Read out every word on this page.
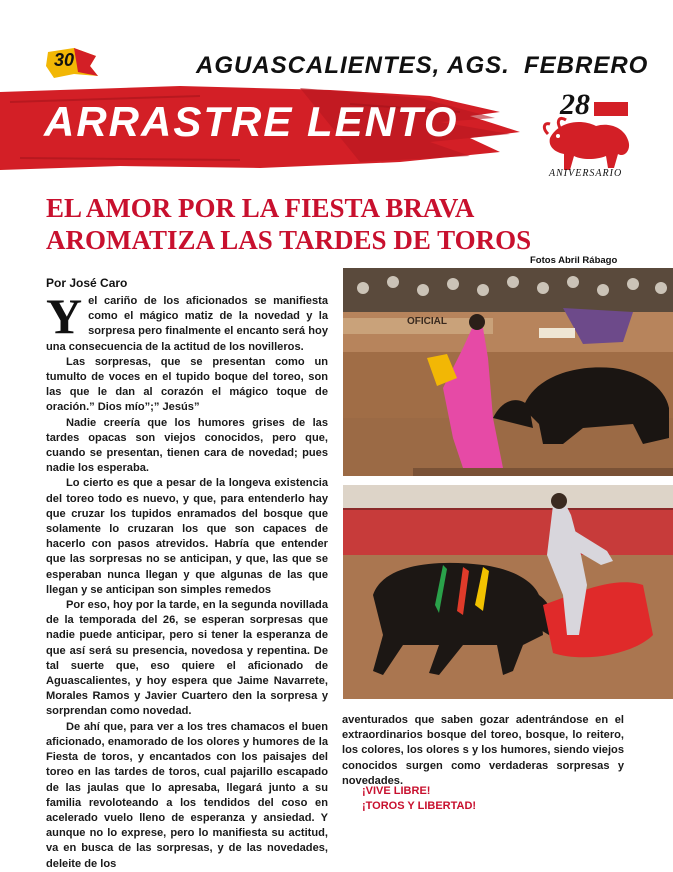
30	AGUASCALIENTES, AGS. FEBRERO
ARRASTRE LENTO	28
ANIVERSARIO
EL AMOR POR LA FIESTA BRAVA
AROMATIZA LAS TARDES DE TOROS
Fotos Abril Rábago
Por José Caro

Yel cariño de los aficionados se manifiesta como el mágico matiz de la novedad y la sorpresa pero finalmente el encanto será hoy una consecuencia de la actitud de los novilleros.

Las sorpresas, que se presentan como un tumulto de voces en el tupido boque del toreo, son las que le dan al corazón el mágico toque de oración.” Dios mío”;” Jesús”

Nadie creería que los humores grises de las tardes opacas son viejos conocidos, pero que, cuando se presentan, tienen cara de novedad; pues nadie los esperaba.

Lo cierto es que a pesar de la longeva existencia del toreo todo es nuevo, y que, para entenderlo hay que cruzar los tupidos enramados del bosque que solamente lo cruzaran los que son capaces de hacerlo con pasos atrevidos. Habría que entender que las sorpresas no se anticipan, y que, las que se esperaban nunca llegan y que algunas de las que llegan y se anticipan son simples remedos

Por eso, hoy por la tarde, en la segunda novillada de la temporada del 26, se esperan sorpresas que nadie puede anticipar, pero si tener la esperanza de que así será su presencia, novedosa y repentina. De tal suerte que, eso quiere el aficionado de Aguascalientes, y hoy espera que Jaime Navarrete, Morales Ramos y Javier Cuartero den la sorpresa y sorprendan como novedad.

De ahí que, para ver a los tres chamacos el buen aficionado, enamorado de los olores y humores de la Fiesta de toros, y encantados con los paisajes del toreo en las tardes de toros, cual pajarillo escapado de las jaulas que lo apresaba, llegará junto a su familia revoloteando a los tendidos del coso en acelerado vuelo lleno de esperanza y ansiedad. Y aunque no lo exprese, pero lo manifiesta su actitud, va en busca de las sorpresas, y de las novedades, deleite de los

OFICIAL

aventurados que saben gozar adentrándose en el extraordinarios bosque del toreo, bosque, lo reitero, los colores, los olores s y los humores, siendo viejos conocidos surgen como verdaderas sorpresas y novedades.

¡VIVE LIBRE!
¡TOROS Y LIBERTAD!
